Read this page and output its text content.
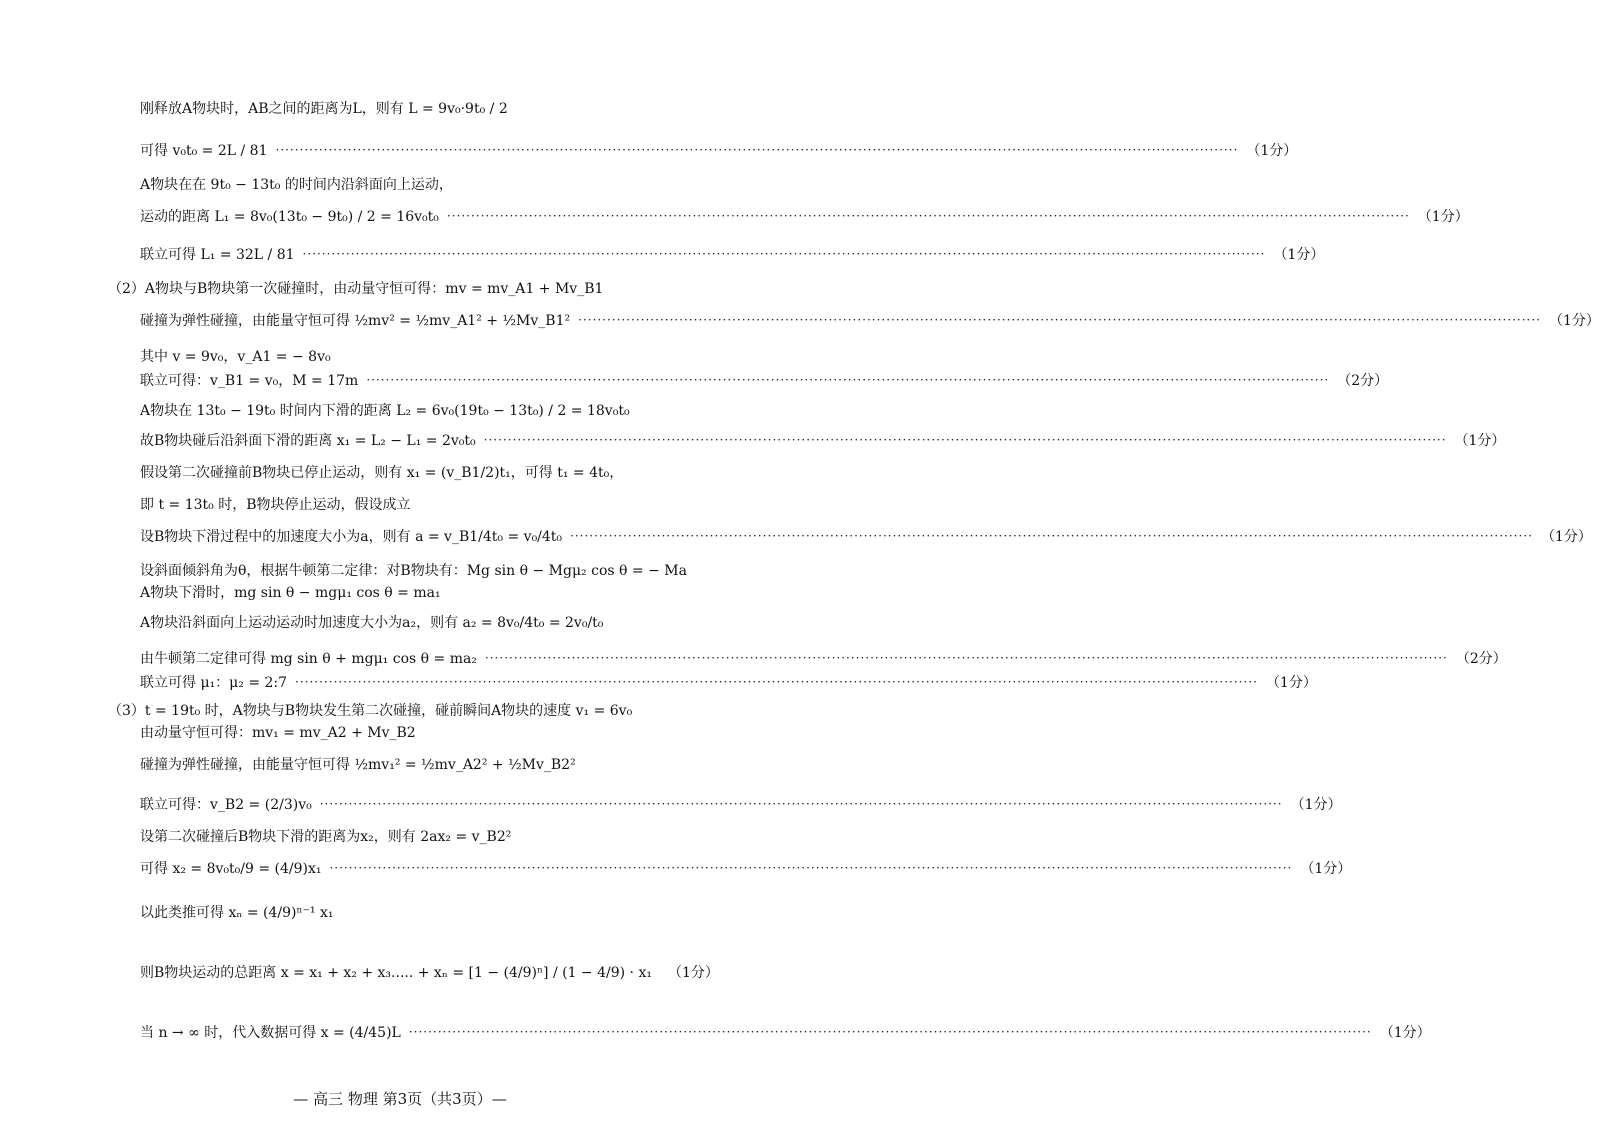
刚释放A物块时，AB之间的距离为L，则有 L = 9v₀·9t₀ / 2
可得 v₀t₀ = 2L / 81 ········································································································································································································ （1分）
A物块在在 9t₀ − 13t₀ 的时间内沿斜面向上运动，
运动的距离 L₁ = 8v₀(13t₀ − 9t₀) / 2 = 16v₀t₀ ········································································································································································································ （1分）
联立可得 L₁ = 32L / 81 ········································································································································································································ （1分）
（2）A物块与B物块第一次碰撞时，由动量守恒可得：mv = mv_A1 + Mv_B1
碰撞为弹性碰撞，由能量守恒可得 ½mv² = ½mv_A1² + ½Mv_B1² ········································································································································································································ （1分）
其中 v = 9v₀，v_A1 = − 8v₀
联立可得：v_B1 = v₀，M = 17m ········································································································································································································ （2分）
A物块在 13t₀ − 19t₀ 时间内下滑的距离 L₂ = 6v₀(19t₀ − 13t₀) / 2 = 18v₀t₀
故B物块碰后沿斜面下滑的距离 x₁ = L₂ − L₁ = 2v₀t₀ ········································································································································································································ （1分）
假设第二次碰撞前B物块已停止运动，则有 x₁ = (v_B1/2)t₁，可得 t₁ = 4t₀，
即 t = 13t₀ 时，B物块停止运动，假设成立
设B物块下滑过程中的加速度大小为a，则有 a = v_B1/4t₀ = v₀/4t₀ ········································································································································································································ （1分）
设斜面倾斜角为θ，根据牛顿第二定律：对B物块有：Mg sin θ − Mgμ₂ cos θ = − Ma
A物块下滑时，mg sin θ − mgμ₁ cos θ = ma₁
A物块沿斜面向上运动运动时加速度大小为a₂，则有 a₂ = 8v₀/4t₀ = 2v₀/t₀
由牛顿第二定律可得 mg sin θ + mgμ₁ cos θ = ma₂ ········································································································································································································ （2分）
联立可得 μ₁：μ₂ = 2:7 ········································································································································································································ （1分）
（3）t = 19t₀ 时，A物块与B物块发生第二次碰撞，碰前瞬间A物块的速度 v₁ = 6v₀
由动量守恒可得：mv₁ = mv_A2 + Mv_B2
碰撞为弹性碰撞，由能量守恒可得 ½mv₁² = ½mv_A2² + ½Mv_B2²
联立可得：v_B2 = (2/3)v₀ ········································································································································································································ （1分）
设第二次碰撞后B物块下滑的距离为x₂，则有 2ax₂ = v_B2²
可得 x₂ = 8v₀t₀/9 = (4/9)x₁ ········································································································································································································ （1分）
以此类推可得 xₙ = (4/9)ⁿ⁻¹ x₁
则B物块运动的总距离 x = x₁ + x₂ + x₃..... + xₙ = [1 − (4/9)ⁿ] / (1 − 4/9) · x₁ （1分）
当 n → ∞ 时，代入数据可得 x = (4/45)L ········································································································································································································ （1分）
— 高三 物理 第3页（共3页）—
